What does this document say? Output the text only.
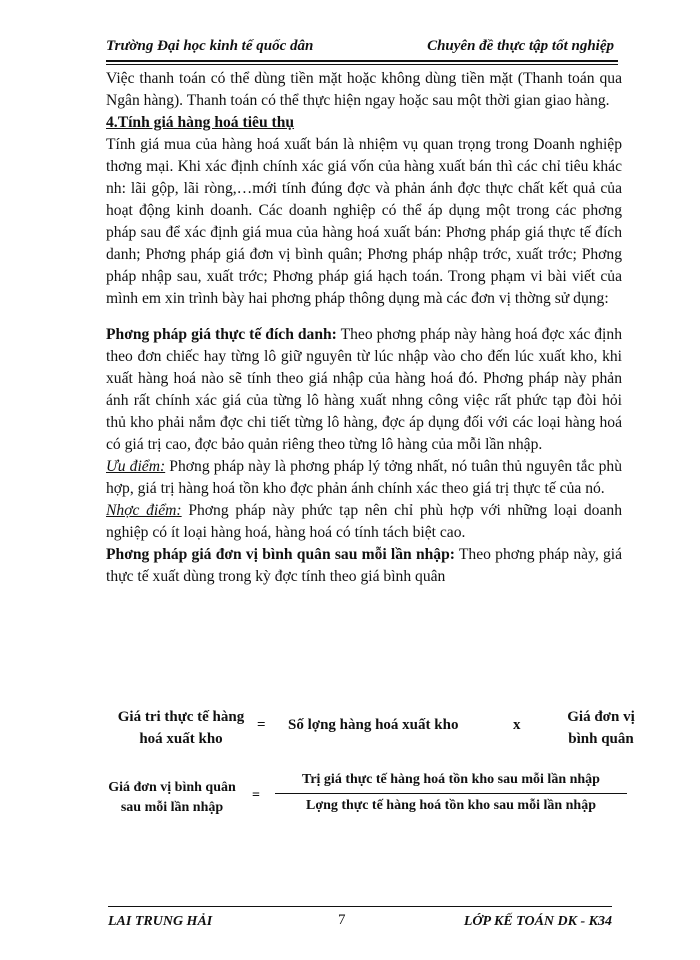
Trường Đại học kinh tế quốc dân	Chuyên đề thực tập tốt nghiệp

Việc thanh toán có thể dùng tiền mặt hoặc không dùng tiền mặt (Thanh toán qua Ngân hàng). Thanh toán có thể thực hiện ngay hoặc sau một thời gian giao hàng.

4.Tính giá hàng hoá tiêu thụ

Tính giá mua của hàng hoá xuất bán là nhiệm vụ quan trọng trong Doanh nghiệp thơng mại. Khi xác định chính xác giá vốn của hàng xuất bán thì các chỉ tiêu khác nh: lãi gộp, lãi ròng,…mới tính đúng đợc và phản ánh đợc thực chất kết quả của hoạt động kinh doanh. Các doanh nghiệp có thể áp dụng một trong các phơng pháp sau để xác định giá mua của hàng hoá xuất bán: Phơng pháp giá thực tế đích danh; Phơng pháp giá đơn vị bình quân; Phơng pháp nhập trớc, xuất trớc; Phơng pháp nhập sau, xuất trớc; Phơng pháp giá hạch toán. Trong phạm vi bài viết của mình em xin trình bày hai phơng pháp thông dụng mà các đơn vị thờng sử dụng:

Phơng pháp giá thực tế đích danh: Theo phơng pháp này hàng hoá đợc xác định theo đơn chiếc hay từng lô giữ nguyên từ lúc nhập vào cho đến lúc xuất kho, khi xuất hàng hoá nào sẽ tính theo giá nhập của hàng hoá đó. Phơng pháp này phản ánh rất chính xác giá của từng lô hàng xuất nhng công việc rất phức tạp đòi hỏi thủ kho phải nắm đợc chi tiết từng lô hàng, đợc áp dụng đối với các loại hàng hoá có giá trị cao, đợc bảo quản riêng theo từng lô hàng của mỗi lần nhập.

Ưu điểm: Phơng pháp này là phơng pháp lý tởng nhất, nó tuân thủ nguyên tắc phù hợp, giá trị hàng hoá tồn kho đợc phản ánh chính xác theo giá trị thực tế của nó.

Nhợc điểm: Phơng pháp này phức tạp nên chỉ phù hợp với những loại doanh nghiệp có ít loại hàng hoá, hàng hoá có tính tách biệt cao.

Phơng pháp giá đơn vị bình quân sau mỗi lần nhập: Theo phơng pháp này, giá thực tế xuất dùng trong kỳ đợc tính theo giá bình quân

Giá tri thực tế hàng
hoá xuất kho
= Số lợng hàng hoá xuất kho	x	Giá đơn vị
bình quân
Giá đơn vị bình quân
sau mỗi lần nhập
=
Trị giá thực tế hàng hoá tồn kho sau mỗi lần nhập
Lợng thực tế hàng hoá tồn kho sau mỗi lần nhập
LAI TRUNG HẢI	7	LỚP KẾ TOÁN DK - K34
